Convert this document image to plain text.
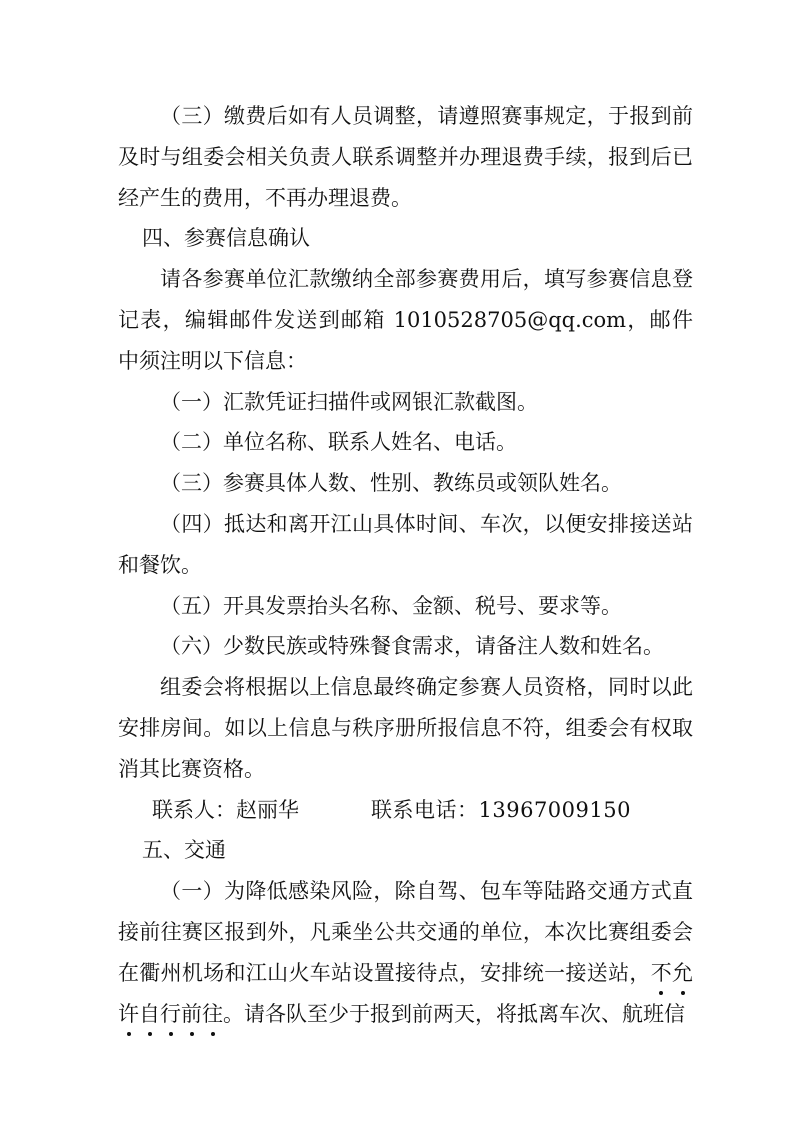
（三）缴费后如有人员调整，请遵照赛事规定，于报到前及时与组委会相关负责人联系调整并办理退费手续，报到后已经产生的费用，不再办理退费。

四、参赛信息确认

请各参赛单位汇款缴纳全部参赛费用后，填写参赛信息登记表，编辑邮件发送到邮箱 1010528705@qq.com，邮件中须注明以下信息：

（一）汇款凭证扫描件或网银汇款截图。

（二）单位名称、联系人姓名、电话。

（三）参赛具体人数、性别、教练员或领队姓名。

（四）抵达和离开江山具体时间、车次，以便安排接送站和餐饮。

（五）开具发票抬头名称、金额、税号、要求等。

（六）少数民族或特殊餐食需求，请备注人数和姓名。

组委会将根据以上信息最终确定参赛人员资格，同时以此安排房间。如以上信息与秩序册所报信息不符，组委会有权取消其比赛资格。

联系人：赵丽华	联系电话：13967009150

五、交通

（一）为降低感染风险，除自驾、包车等陆路交通方式直接前往赛区报到外，凡乘坐公共交通的单位，本次比赛组委会在衢州机场和江山火车站设置接待点，安排统一接送站，不允许自行前往。请各队至少于报到前两天，将抵离车次、航班信
